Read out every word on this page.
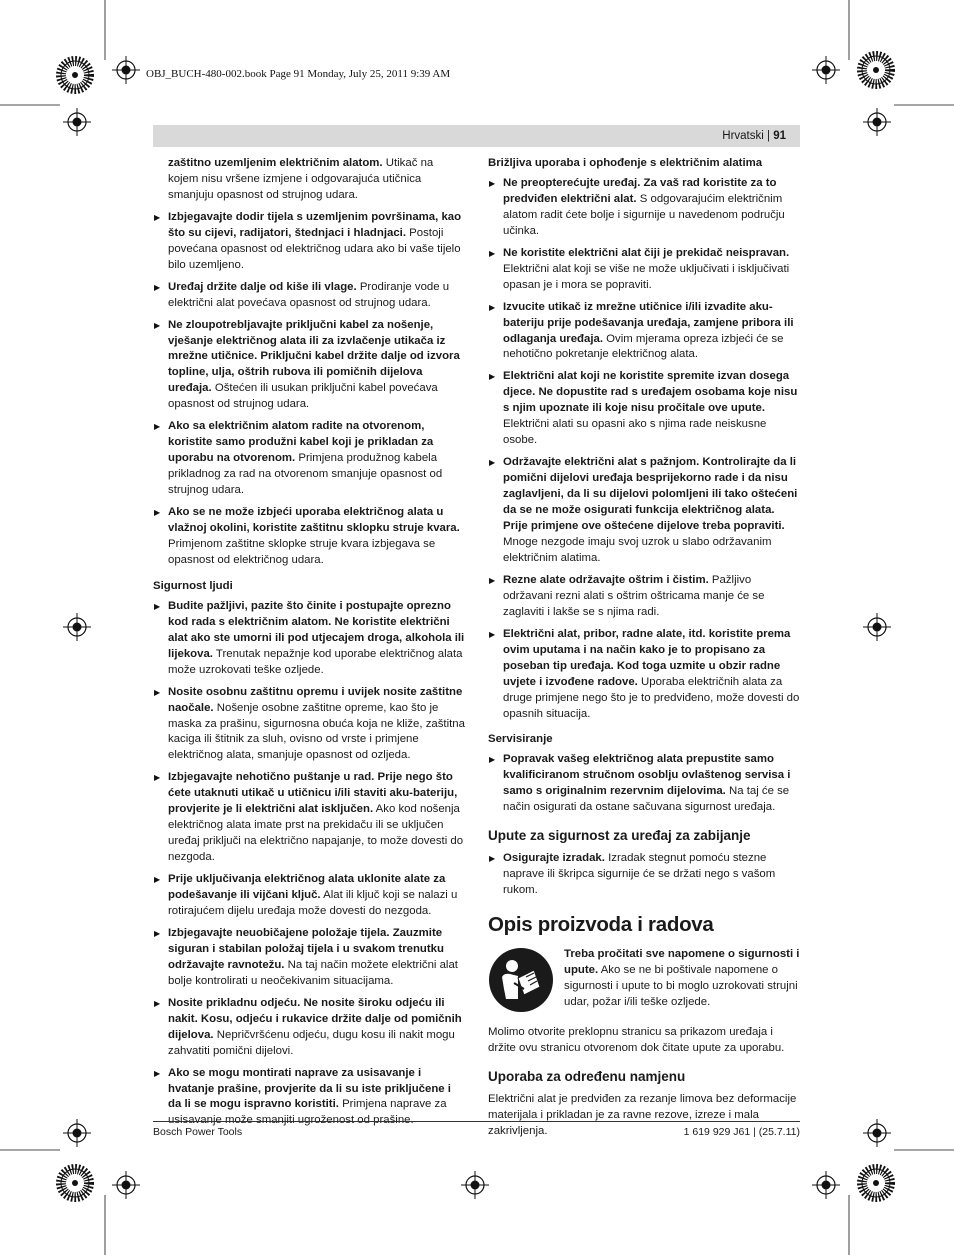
OBJ_BUCH-480-002.book Page 91 Monday, July 25, 2011 9:39 AM
Hrvatski | 91

zaštitno uzemljenim električnim alatom. Utikač na kojem nisu vršene izmjene i odgovarajuća utičnica smanjuju opasnost od strujnog udara.

▶ Izbjegavajte dodir tijela s uzemljenim površinama, kao što su cijevi, radijatori, štednjaci i hladnjaci. Postoji povećana opasnost od električnog udara ako bi vaše tijelo bilo uzemljeno.

▶ Uređaj držite dalje od kiše ili vlage. Prodiranje vode u električni alat povećava opasnost od strujnog udara.

▶ Ne zloupotrebljavajte priključni kabel za nošenje, vješanje električnog alata ili za izvlačenje utikača iz mrežne utičnice. Priključni kabel držite dalje od izvora topline, ulja, oštrih rubova ili pomičnih dijelova uređaja. Oštećen ili usukan priključni kabel povećava opasnost od strujnog udara.

▶ Ako sa električnim alatom radite na otvorenom, koristite samo produžni kabel koji je prikladan za uporabu na otvorenom. Primjena produžnog kabela prikladnog za rad na otvorenom smanjuje opasnost od strujnog udara.

▶ Ako se ne može izbjeći uporaba električnog alata u vlažnoj okolini, koristite zaštitnu sklopku struje kvara. Primjenom zaštitne sklopke struje kvara izbjegava se opasnost od električnog udara.

Sigurnost ljudi

▶ Budite pažljivi, pazite što činite i postupajte oprezno kod rada s električnim alatom. Ne koristite električni alat ako ste umorni ili pod utjecajem droga, alkohola ili lijekova. Trenutak nepažnje kod uporabe električnog alata može uzrokovati teške ozljede.

▶ Nosite osobnu zaštitnu opremu i uvijek nosite zaštitne naočale. Nošenje osobne zaštitne opreme, kao što je maska za prašinu, sigurnosna obuća koja ne kliže, zaštitna kaciga ili štitnik za sluh, ovisno od vrste i primjene električnog alata, smanjuje opasnost od ozljeda.

▶ Izbjegavajte nehotično puštanje u rad. Prije nego što ćete utaknuti utikač u utičnicu i/ili staviti aku-bateriju, provjerite je li električni alat isključen. Ako kod nošenja električnog alata imate prst na prekidaču ili se uključen uređaj priključi na električno napajanje, to može dovesti do nezgoda.

▶ Prije uključivanja električnog alata uklonite alate za podešavanje ili vijčani ključ. Alat ili ključ koji se nalazi u rotirajućem dijelu uređaja može dovesti do nezgoda.

▶ Izbjegavajte neuobičajene položaje tijela. Zauzmite siguran i stabilan položaj tijela i u svakom trenutku održavajte ravnotežu. Na taj način možete električni alat bolje kontrolirati u neočekivanim situacijama.

▶ Nosite prikladnu odjeću. Ne nosite široku odjeću ili nakit. Kosu, odjeću i rukavice držite dalje od pomičnih dijelova. Nepričvršćenu odjeću, dugu kosu ili nakit mogu zahvatiti pomični dijelovi.

▶ Ako se mogu montirati naprave za usisavanje i hvatanje prašine, provjerite da li su iste priključene i da li se mogu ispravno koristiti. Primjena naprave za

Brižljiva uporaba i ophođenje s električnim alatima

▶ Ne preopterećujte uređaj. Za vaš rad koristite za to predviđen električni alat. S odgovarajućim električnim alatom radit ćete bolje i sigurnije u navedenom području učinka.

▶ Ne koristite električni alat čiji je prekidač neispravan. Električni alat koji se više ne može uključivati i isključivati opasan je i mora se popraviti.

▶ Izvucite utikač iz mrežne utičnice i/ili izvadite aku-bateriju prije podešavanja uređaja, zamjene pribora ili odlaganja uređaja. Ovim mjerama opreza izbjeći će se nehotično pokretanje električnog alata.

▶ Električni alat koji ne koristite spremite izvan dosega djece. Ne dopustite rad s uređajem osobama koje nisu s njim upoznate ili koje nisu pročitale ove upute. Električni alati su opasni ako s njima rade neiskusne osobe.

▶ Održavajte električni alat s pažnjom. Kontrolirajte da li pomični dijelovi uređaja besprijekorno rade i da nisu zaglavljeni, da li su dijelovi polomljeni ili tako oštećeni da se ne može osigurati funkcija električnog alata. Prije primjene ove oštećene dijelove treba popraviti. Mnoge nezgode imaju svoj uzrok u slabo održavanim električnim alatima.

▶ Rezne alate održavajte oštrim i čistim. Pažljivo održavani rezni alati s oštrim oštricama manje će se zaglaviti i lakše se s njima radi.

▶ Električni alat, pribor, radne alate, itd. koristite prema ovim uputama i na način kako je to propisano za poseban tip uređaja. Kod toga uzmite u obzir radne uvjete i izvođene radove. Uporaba električnih alata za druge primjene nego što je to predviđeno, može dovesti do opasnih situacija.

Servisiranje

▶ Popravak vašeg električnog alata prepustite samo kvalificiranom stručnom osoblju ovlaštenog servisa i samo s originalnim rezervnim dijelovima. Na taj će se način osigurati da ostane sačuvana sigurnost uređaja.

Upute za sigurnost za uređaj za zabijanje

▶ Osigurajte izradak. Izradak stegnut pomoću stezne naprave ili škripca sigurnije će se držati nego s vašom rukom.

Opis proizvoda i radova

Treba pročitati sve napomene o sigurnosti i upute. Ako se ne bi poštivale napomene o sigurnosti i upute to bi moglo uzrokovati strujni udar, požar i/ili teške ozljede.

Molimo otvorite preklopnu stranicu sa prikazom uređaja i držite ovu stranicu otvorenom dok čitate upute za uporabu.

Uporaba za određenu namjenu

Električni alat je predviđen za rezanje limova bez deformacije materijala i prikladan je za ravne rezove, izreze i mala zakrivljenja.

Bosch Power Tools	1 619 929 J61 | (25.7.11)
